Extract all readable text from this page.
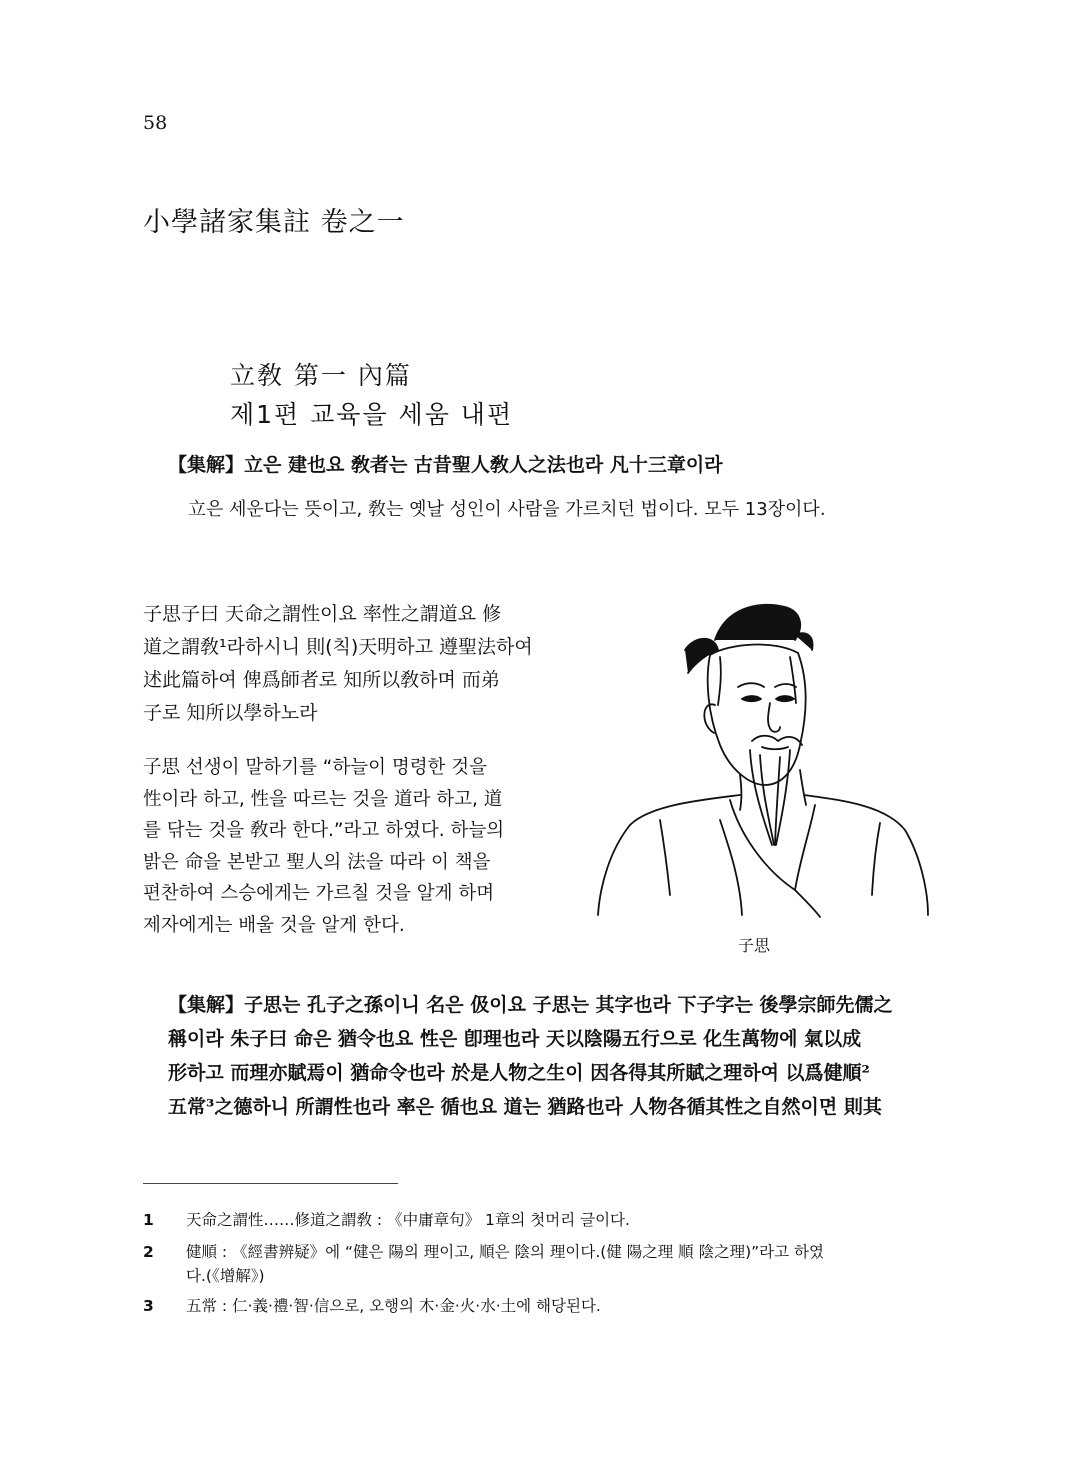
58
小學諸家集註 卷之一
立敎 第一 內篇
제1편 교육을 세움 내편
【集解】立은 建也요 敎者는 古昔聖人敎人之法也라 凡十三章이라
立은 세운다는 뜻이고, 敎는 옛날 성인이 사람을 가르치던 법이다. 모두 13장이다.
子思子曰 天命之謂性이요 率性之謂道요 修
道之謂敎¹라하시니 則(칙)天明하고 遵聖法하여
述此篇하여 俾爲師者로 知所以敎하며 而弟
子로 知所以學하노라
子思 선생이 말하기를 “하늘이 명령한 것을
性이라 하고, 性을 따르는 것을 道라 하고, 道
를 닦는 것을 敎라 한다.”라고 하였다. 하늘의
밝은 命을 본받고 聖人의 法을 따라 이 책을
편찬하여 스승에게는 가르칠 것을 알게 하며
제자에게는 배울 것을 알게 한다.
子思
【集解】子思는 孔子之孫이니 名은 伋이요 子思는 其字也라 下子字는 後學宗師先儒之
稱이라 朱子曰 命은 猶令也요 性은 卽理也라 天以陰陽五行으로 化生萬物에 氣以成
形하고 而理亦賦焉이 猶命令也라 於是人物之生이 因各得其所賦之理하여 以爲健順²
五常³之德하니 所謂性也라 率은 循也요 道는 猶路也라 人物各循其性之自然이면 則其
1 天命之謂性……修道之謂敎 : 《中庸章句》 1章의 첫머리 글이다.
2 健順 : 《經書辨疑》에 “健은 陽의 理이고, 順은 陰의 理이다.(健 陽之理 順 陰之理)”라고 하였
다.(《增解》)
3 五常 : 仁·義·禮·智·信으로, 오행의 木·金·火·水·土에 해당된다.
